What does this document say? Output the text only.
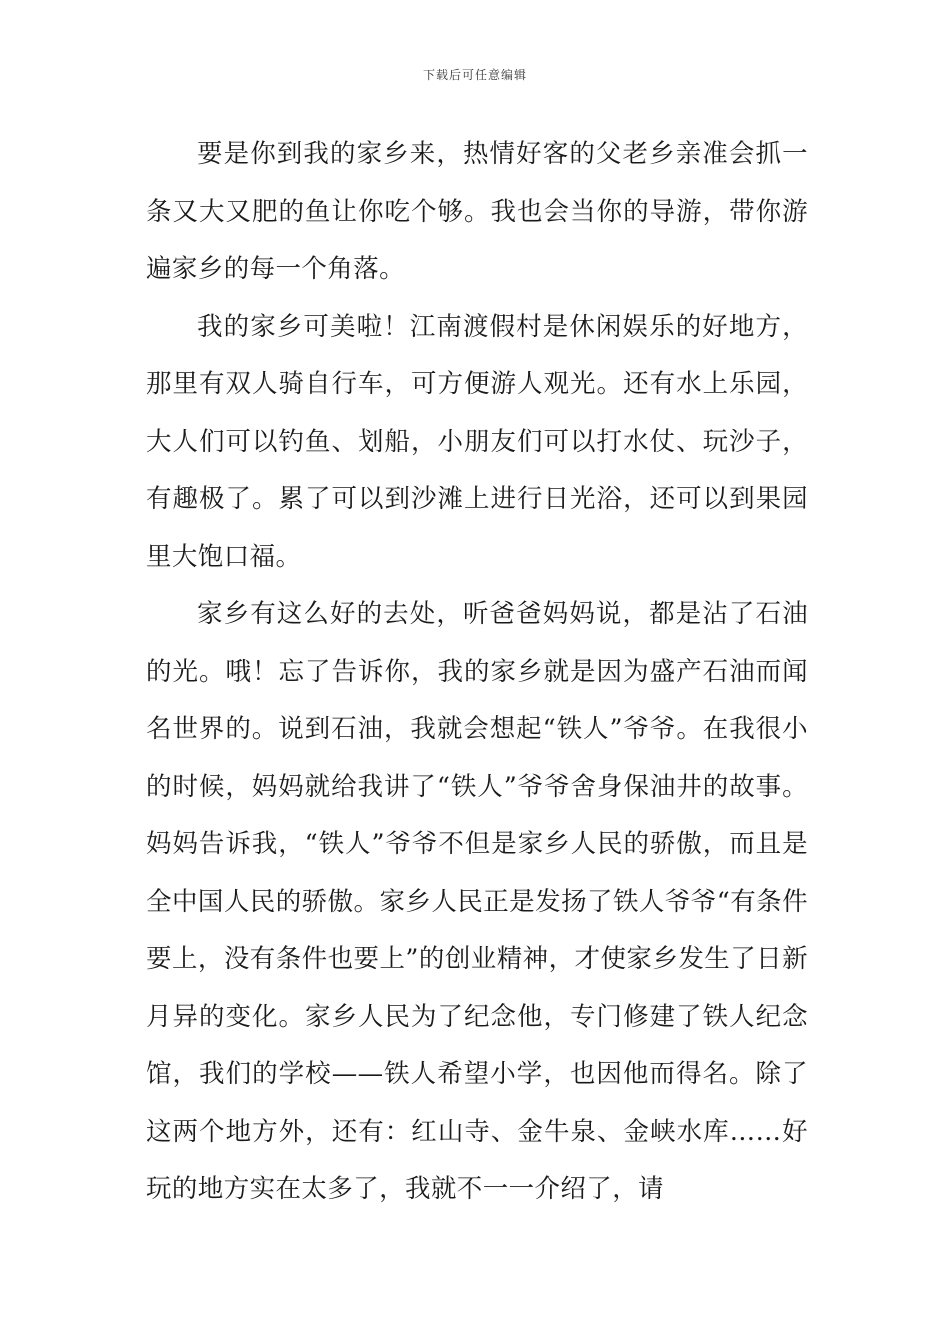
下载后可任意编辑

要是你到我的家乡来，热情好客的父老乡亲准会抓一条又大又肥的鱼让你吃个够。我也会当你的导游，带你游遍家乡的每一个角落。

我的家乡可美啦！江南渡假村是休闲娱乐的好地方，那里有双人骑自行车，可方便游人观光。还有水上乐园，大人们可以钓鱼、划船，小朋友们可以打水仗、玩沙子，有趣极了。累了可以到沙滩上进行日光浴，还可以到果园里大饱口福。

家乡有这么好的去处，听爸爸妈妈说，都是沾了石油的光。哦！忘了告诉你，我的家乡就是因为盛产石油而闻名世界的。说到石油，我就会想起“铁人”爷爷。在我很小的时候，妈妈就给我讲了“铁人”爷爷舍身保油井的故事。妈妈告诉我，“铁人”爷爷不但是家乡人民的骄傲，而且是全中国人民的骄傲。家乡人民正是发扬了铁人爷爷“有条件要上，没有条件也要上”的创业精神，才使家乡发生了日新月异的变化。家乡人民为了纪念他，专门修建了铁人纪念馆，我们的学校——铁人希望小学，也因他而得名。除了这两个地方外，还有：红山寺、金牛泉、金峡水库……好玩的地方实在太多了，我就不一一介绍了，请
